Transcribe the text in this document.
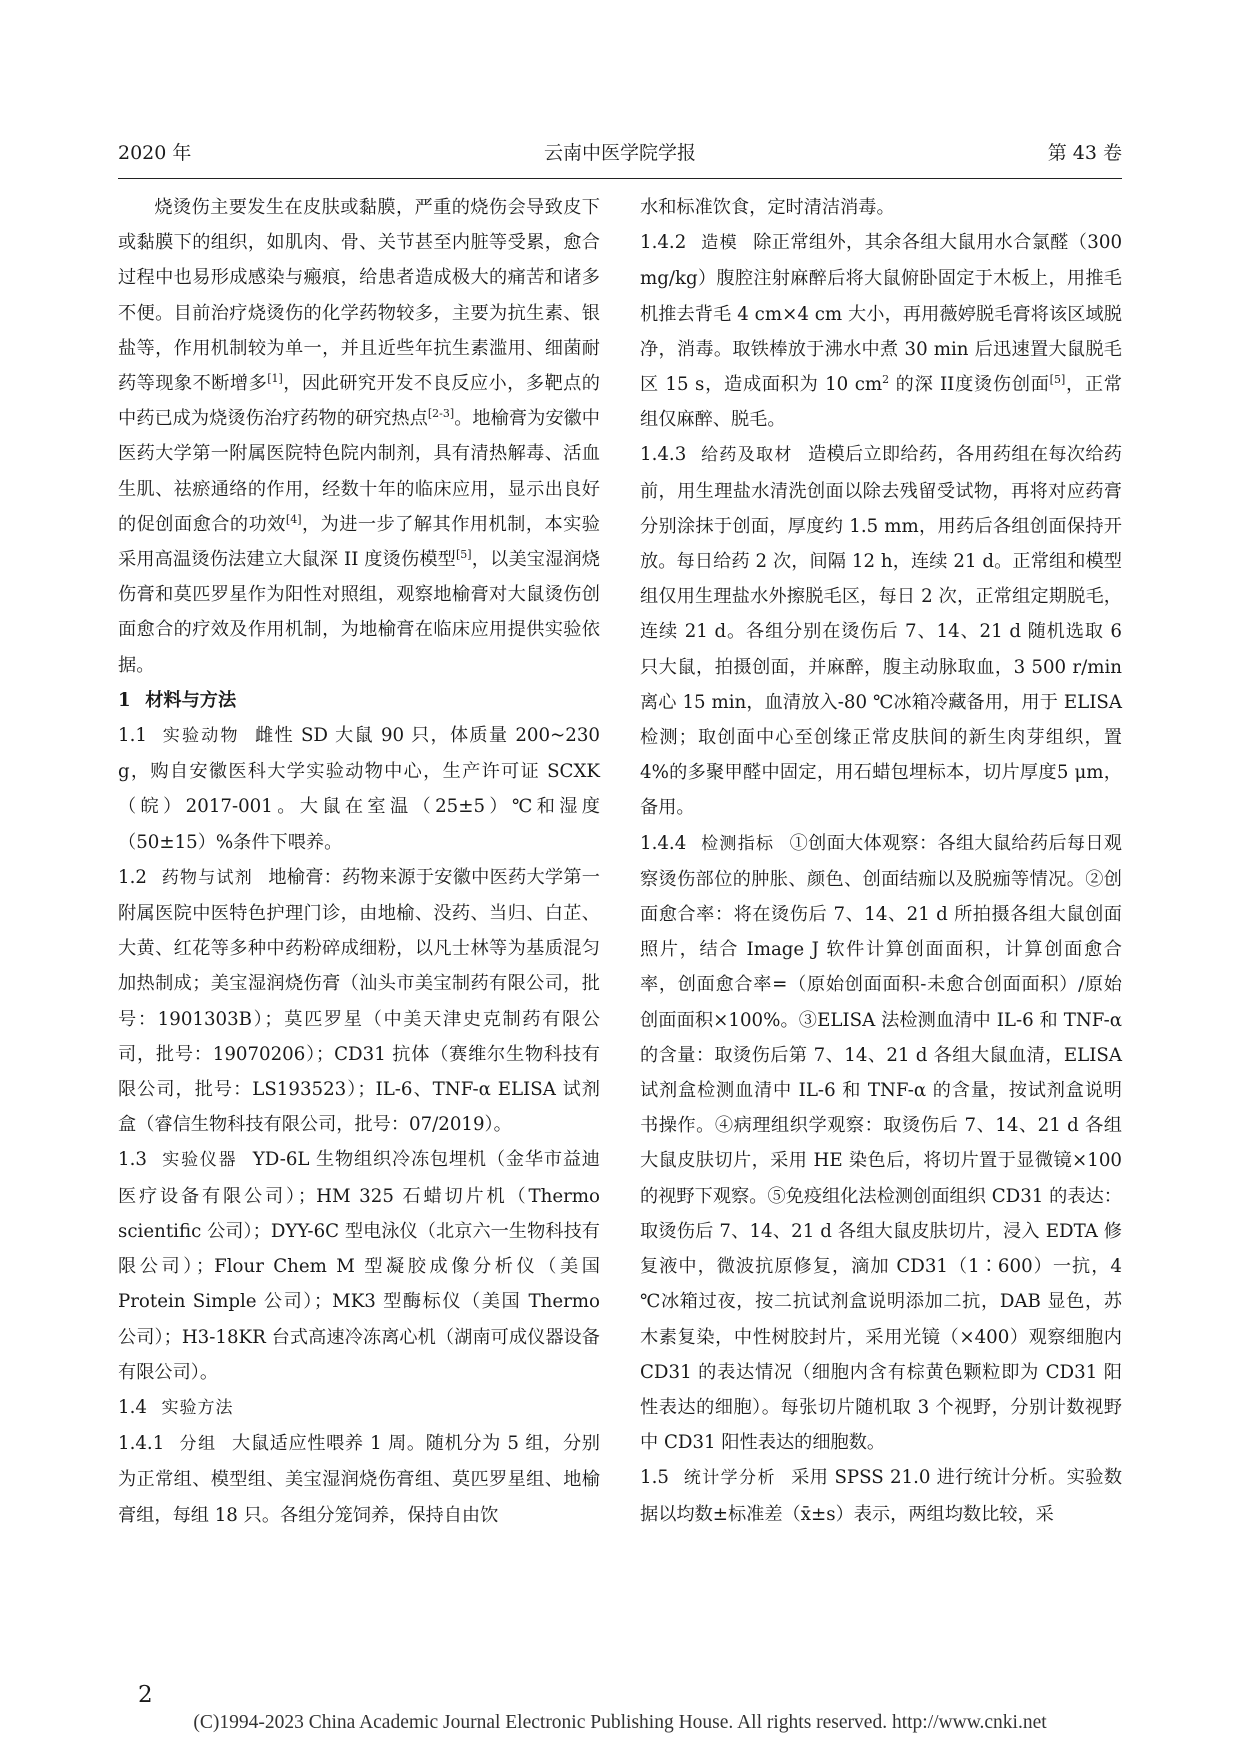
2020 年	云南中医学院学报	第 43 卷

烧烫伤主要发生在皮肤或黏膜，严重的烧伤会导致皮下或黏膜下的组织，如肌肉、骨、关节甚至内脏等受累，愈合过程中也易形成感染与瘢痕，给患者造成极大的痛苦和诸多不便。目前治疗烧烫伤的化学药物较多，主要为抗生素、银盐等，作用机制较为单一，并且近些年抗生素滥用、细菌耐药等现象不断增多[1]，因此研究开发不良反应小，多靶点的中药已成为烧烫伤治疗药物的研究热点[2-3]。地榆膏为安徽中医药大学第一附属医院特色院内制剂，具有清热解毒、活血生肌、祛瘀通络的作用，经数十年的临床应用，显示出良好的促创面愈合的功效[4]，为进一步了解其作用机制，本实验采用高温烫伤法建立大鼠深 II 度烫伤模型[5]，以美宝湿润烧伤膏和莫匹罗星作为阳性对照组，观察地榆膏对大鼠烫伤创面愈合的疗效及作用机制，为地榆膏在临床应用提供实验依据。

1 材料与方法

1.1 实验动物 雌性 SD 大鼠 90 只，体质量 200~230 g，购自安徽医科大学实验动物中心，生产许可证 SCXK（皖）2017-001。大鼠在室温（25±5）℃和湿度（50±15）%条件下喂养。

1.2 药物与试剂 地榆膏：药物来源于安徽中医药大学第一附属医院中医特色护理门诊，由地榆、没药、当归、白芷、大黄、红花等多种中药粉碎成细粉，以凡士林等为基质混匀加热制成；美宝湿润烧伤膏（汕头市美宝制药有限公司，批号：1901303B）；莫匹罗星（中美天津史克制药有限公司，批号：19070206）；CD31 抗体（赛维尔生物科技有限公司，批号：LS193523）；IL-6、TNF-α ELISA 试剂盒（睿信生物科技有限公司，批号：07/2019）。

1.3 实验仪器 YD-6L 生物组织冷冻包埋机（金华市益迪医疗设备有限公司）；HM 325 石蜡切片机（Thermo scientific 公司）；DYY-6C 型电泳仪（北京六一生物科技有限公司）；Flour Chem M 型凝胶成像分析仪（美国 Protein Simple 公司）；MK3 型酶标仪（美国 Thermo 公司）；H3-18KR 台式高速冷冻离心机（湖南可成仪器设备有限公司）。

1.4 实验方法

1.4.1 分组 大鼠适应性喂养 1 周。随机分为 5 组，分别为正常组、模型组、美宝湿润烧伤膏组、莫匹罗星组、地榆膏组，每组 18 只。各组分笼饲养，保持自由饮

水和标准饮食，定时清洁消毒。

1.4.2 造模 除正常组外，其余各组大鼠用水合氯醛（300 mg/kg）腹腔注射麻醉后将大鼠俯卧固定于木板上，用推毛机推去背毛 4 cm×4 cm 大小，再用薇婷脱毛膏将该区域脱净，消毒。取铁棒放于沸水中煮 30 min 后迅速置大鼠脱毛区 15 s，造成面积为 10 $cm^2$ 的深 II度烫伤创面[5]，正常组仅麻醉、脱毛。

1.4.3 给药及取材 造模后立即给药，各用药组在每次给药前，用生理盐水清洗创面以除去残留受试物，再将对应药膏分别涂抹于创面，厚度约 1.5 mm，用药后各组创面保持开放。每日给药 2 次，间隔 12 h，连续 21 d。正常组和模型组仅用生理盐水外擦脱毛区，每日 2 次，正常组定期脱毛，连续 21 d。各组分别在烫伤后 7、14、21 d 随机选取 6 只大鼠，拍摄创面，并麻醉，腹主动脉取血，3 500 r/min 离心 15 min，血清放入-80 ℃冰箱冷藏备用，用于 ELISA 检测；取创面中心至创缘正常皮肤间的新生肉芽组织，置4%的多聚甲醛中固定，用石蜡包埋标本，切片厚度5 μm，备用。

1.4.4 检测指标 ①创面大体观察：各组大鼠给药后每日观察烫伤部位的肿胀、颜色、创面结痂以及脱痂等情况。②创面愈合率：将在烫伤后 7、14、21 d 所拍摄各组大鼠创面照片，结合 Image J 软件计算创面面积，计算创面愈合率，创面愈合率=（原始创面面积-未愈合创面面积）/原始创面面积×100%。③ELISA 法检测血清中 IL-6 和 TNF-α 的含量：取烫伤后第 7、14、21 d 各组大鼠血清，ELISA 试剂盒检测血清中 IL-6 和 TNF-α 的含量，按试剂盒说明书操作。④病理组织学观察：取烫伤后 7、14、21 d 各组大鼠皮肤切片，采用 HE 染色后，将切片置于显微镜×100 的视野下观察。⑤免疫组化法检测创面组织 CD31 的表达：取烫伤后 7、14、21 d 各组大鼠皮肤切片，浸入 EDTA 修复液中，微波抗原修复，滴加 CD31（1∶600）一抗，4 ℃冰箱过夜，按二抗试剂盒说明添加二抗，DAB 显色，苏木素复染，中性树胶封片，采用光镜（×400）观察细胞内 CD31 的表达情况（细胞内含有棕黄色颗粒即为 CD31 阳性表达的细胞）。每张切片随机取 3 个视野，分别计数视野中 CD31 阳性表达的细胞数。

1.5 统计学分析 采用 SPSS 21.0 进行统计分析。实验数据以均数±标准差（x̄±s）表示，两组均数比较，采

2
(C)1994-2023 China Academic Journal Electronic Publishing House. All rights reserved. http://www.cnki.net
